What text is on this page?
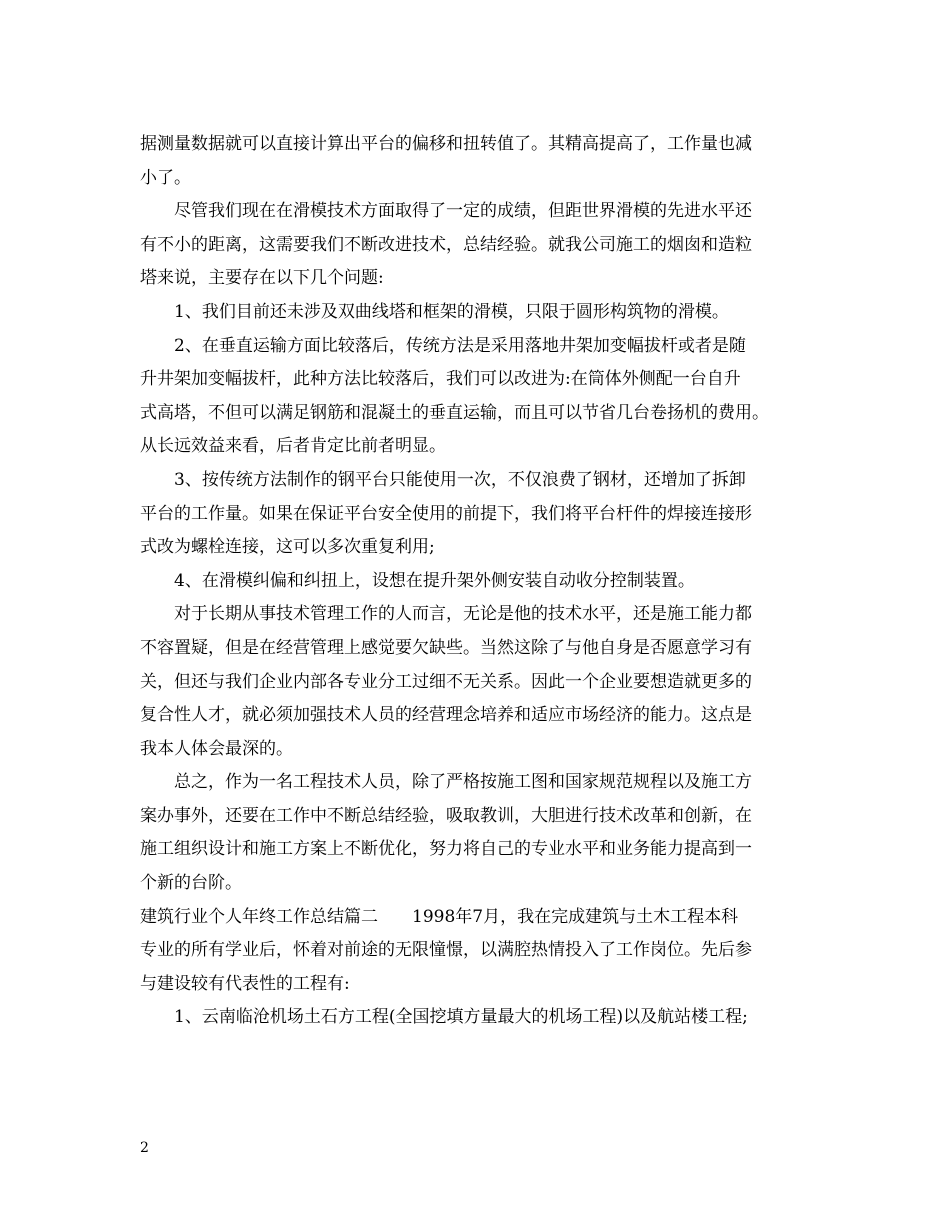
据测量数据就可以直接计算出平台的偏移和扭转值了。其精高提高了，工作量也减
小了。
尽管我们现在在滑模技术方面取得了一定的成绩，但距世界滑模的先进水平还
有不小的距离，这需要我们不断改进技术，总结经验。就我公司施工的烟囱和造粒
塔来说，主要存在以下几个问题:
1、我们目前还未涉及双曲线塔和框架的滑模，只限于圆形构筑物的滑模。
2、在垂直运输方面比较落后，传统方法是采用落地井架加变幅拔杆或者是随
升井架加变幅拔杆，此种方法比较落后，我们可以改进为:在筒体外侧配一台自升
式高塔，不但可以满足钢筋和混凝土的垂直运输，而且可以节省几台卷扬机的费用。
从长远效益来看，后者肯定比前者明显。
3、按传统方法制作的钢平台只能使用一次，不仅浪费了钢材，还增加了拆卸
平台的工作量。如果在保证平台安全使用的前提下，我们将平台杆件的焊接连接形
式改为螺栓连接，这可以多次重复利用;
4、在滑模纠偏和纠扭上，设想在提升架外侧安装自动收分控制装置。
对于长期从事技术管理工作的人而言，无论是他的技术水平，还是施工能力都
不容置疑，但是在经营管理上感觉要欠缺些。当然这除了与他自身是否愿意学习有
关，但还与我们企业内部各专业分工过细不无关系。因此一个企业要想造就更多的
复合性人才，就必须加强技术人员的经营理念培养和适应市场经济的能力。这点是
我本人体会最深的。
总之，作为一名工程技术人员，除了严格按施工图和国家规范规程以及施工方
案办事外，还要在工作中不断总结经验，吸取教训，大胆进行技术改革和创新，在
施工组织设计和施工方案上不断优化，努力将自己的专业水平和业务能力提高到一
个新的台阶。
建筑行业个人年终工作总结篇二　　1998年7月，我在完成建筑与土木工程本科
专业的所有学业后，怀着对前途的无限憧憬，以满腔热情投入了工作岗位。先后参
与建设较有代表性的工程有:
1、云南临沧机场土石方工程(全国挖填方量最大的机场工程)以及航站楼工程;
2
